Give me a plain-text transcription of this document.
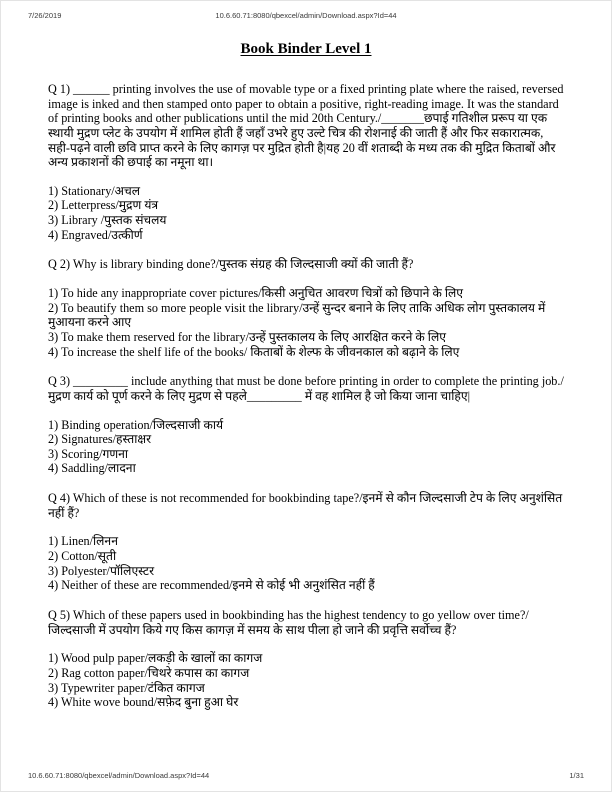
7/26/2019	10.6.60.71:8080/qbexcel/admin/Download.aspx?Id=44
Book Binder Level 1

Q 1) ______ printing involves the use of movable type or a fixed printing plate where the raised, reversed image is inked and then stamped onto paper to obtain a positive, right-reading image. It was the standard of printing books and other publications until the mid 20th Century./_______छपाई गतिशील प्ररूप या एक स्थायी मुद्रण प्लेट के उपयोग में शामिल होती हैं जहाँ उभरे हुए उल्टे चित्र की रोशनाई की जाती हैं और फिर सकारात्मक, सही-पढ़ने वाली छवि प्राप्त करने के लिए कागज़ पर मुद्रित होती है|यह 20 वीं शताब्दी के मध्य तक की मुद्रित किताबों और अन्य प्रकाशनों की छपाई का नमूना था।

1) Stationary/अचल
2) Letterpress/मुद्रण यंत्र
3) Library /पुस्तक संचलय
4) Engraved/उत्कीर्ण

Q 2) Why is library binding done?/पुस्तक संग्रह की जिल्दसाजी क्यों की जाती हैं?

1) To hide any inappropriate cover pictures/किसी अनुचित आवरण चित्रों को छिपाने के लिए
2) To beautify them so more people visit the library/उन्हें सुन्दर बनाने के लिए ताकि अधिक लोग पुस्तकालय में मुआयना करने आए
3) To make them reserved for the library/उन्हें पुस्तकालय के लिए आरक्षित करने के लिए
4) To increase the shelf life of the books/ किताबों के शेल्फ के जीवनकाल को बढ़ाने के लिए

Q 3) _________ include anything that must be done before printing in order to complete the printing job./मुद्रण कार्य को पूर्ण करने के लिए मुद्रण से पहले_________ में वह शामिल है जो किया जाना चाहिए|

1) Binding operation/जिल्दसाजी कार्य
2) Signatures/हस्ताक्षर
3) Scoring/गणना
4) Saddling/लादना

Q 4) Which of these is not recommended for bookbinding tape?/इनमें से कौन जिल्दसाजी टेप के लिए अनुशंसित नहीं हैं?

1) Linen/लिनन
2) Cotton/सूती
3) Polyester/पॉलिएस्टर
4) Neither of these are recommended/इनमे से कोई भी अनुशंसित नहीं हैं

Q 5) Which of these papers used in bookbinding has the highest tendency to go yellow over time?/जिल्दसाजी में उपयोग किये गए किस कागज़ में समय के साथ पीला हो जाने की प्रवृत्ति सर्वोच्च हैं?

1) Wood pulp paper/लकड़ी के खालों का कागज
2) Rag cotton paper/चिथरे कपास का कागज
3) Typewriter paper/टंकित कागज
4) White wove bound/सफ़ेद बुना हुआ घेर
10.6.60.71:8080/qbexcel/admin/Download.aspx?Id=44	1/31
